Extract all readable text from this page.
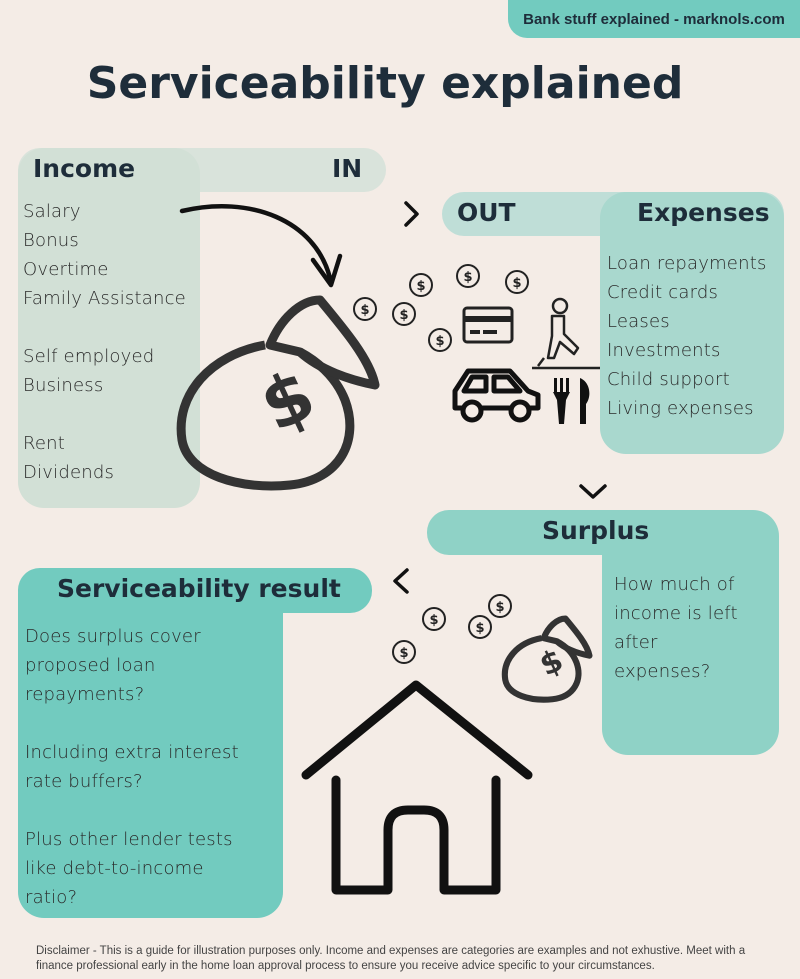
Bank stuff explained - marknols.com
Serviceability explained
Income	IN
Salary
Bonus
Overtime
Family Assistance
Self employed
Business
Rent
Dividends
$
OUT	Expenses
Loan repayments
Credit cards
Leases
Investments
Child support
Living expenses
$	$
$
$ $
$
$
$
$
$
Surplus
How much of
income is left
after
expenses?
$
Serviceability result
Does surplus cover
proposed loan
repayments?
Including extra interest
rate buffers?
Plus other lender tests
like debt-to-income
ratio?
Disclaimer - This is a guide for illustration purposes only. Income and expenses are categories are examples and not exhustive. Meet with a finance professional early in the home loan approval process to ensure you receive advice specific to your circumstances.
